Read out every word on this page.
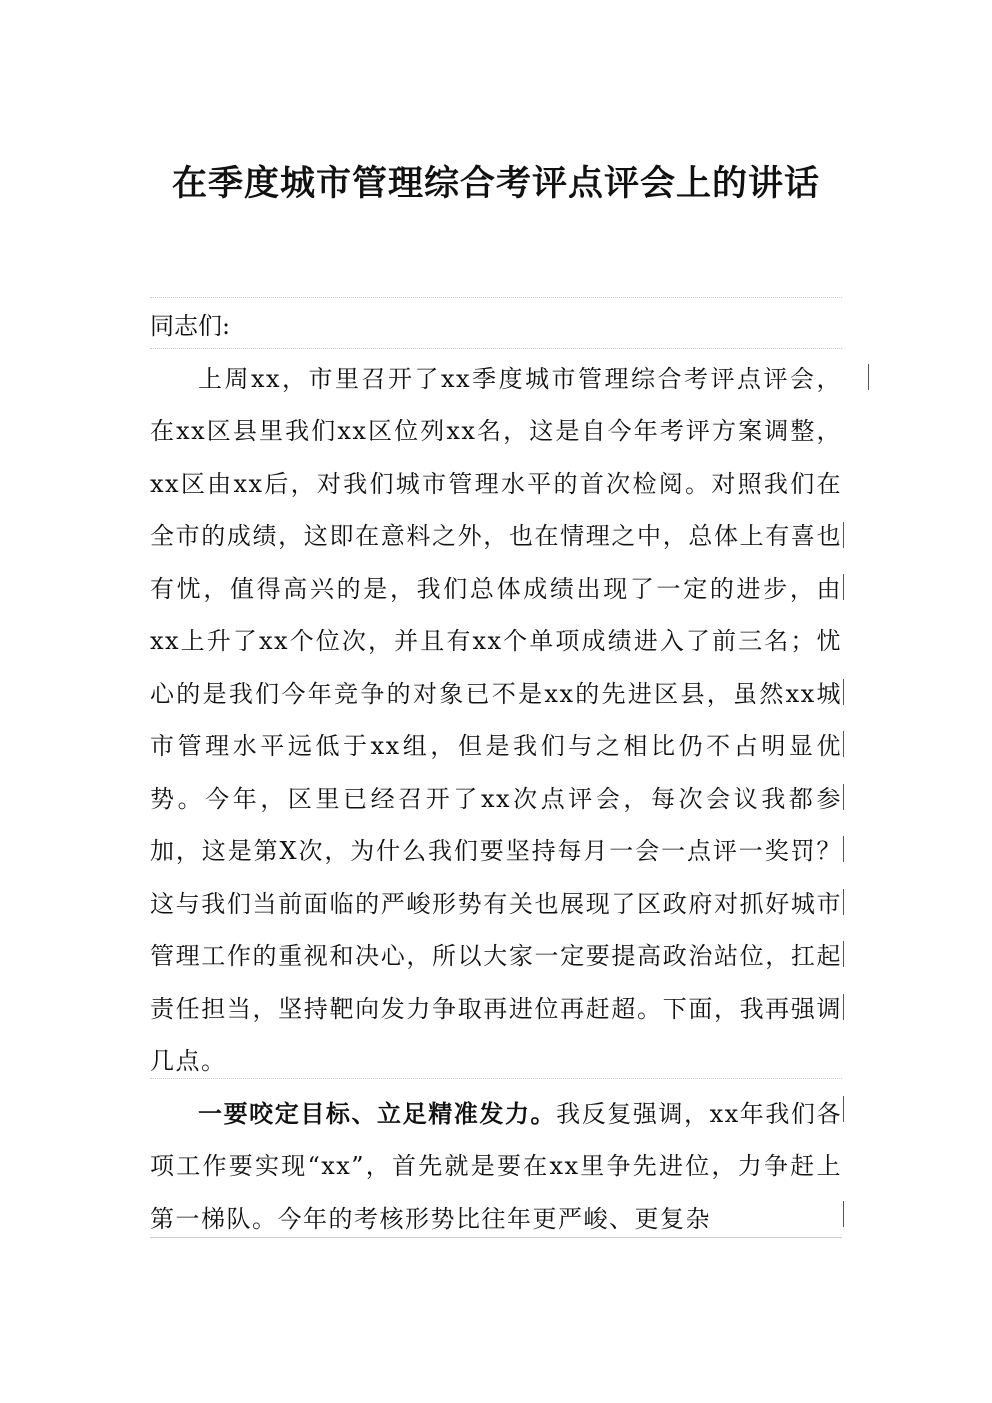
在季度城市管理综合考评点评会上的讲话

同志们:

上周xx，市里召开了xx季度城市管理综合考评点评会，在xx区县里我们xx区位列xx名，这是自今年考评方案调整，xx区由xx后，对我们城市管理水平的首次检阅。对照我们在全市的成绩，这即在意料之外，也在情理之中，总体上有喜也有忧，值得高兴的是，我们总体成绩出现了一定的进步，由xx上升了xx个位次，并且有xx个单项成绩进入了前三名；忧心的是我们今年竞争的对象已不是xx的先进区县，虽然xx城市管理水平远低于xx组，但是我们与之相比仍不占明显优势。今年，区里已经召开了xx次点评会，每次会议我都参加，这是第X次，为什么我们要坚持每月一会一点评一奖罚？这与我们当前面临的严峻形势有关也展现了区政府对抓好城市管理工作的重视和决心，所以大家一定要提高政治站位，扛起责任担当，坚持靶向发力争取再进位再赶超。下面，我再强调几点。

一要咬定目标、立足精准发力。我反复强调，xx年我们各项工作要实现“xx”，首先就是要在xx里争先进位，力争赶上第一梯队。今年的考核形势比往年更严峻、更复杂
